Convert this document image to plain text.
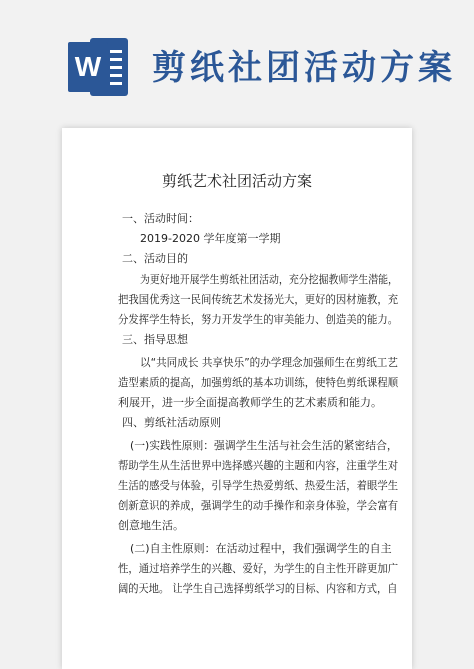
W 剪纸社团活动方案
剪纸艺术社团活动方案
一、活动时间：
2019-2020 学年度第一学期
二、活动目的
为更好地开展学生剪纸社团活动，充分挖掘教师学生潜能，
把我国优秀这一民间传统艺术发扬光大，更好的因材施教，充
分发挥学生特长，努力开发学生的审美能力、创造美的能力。
三、指导思想
以“共同成长 共享快乐”的办学理念加强师生在剪纸工艺
造型素质的提高，加强剪纸的基本功训练，使特色剪纸课程顺
利展开，进一步全面提高教师学生的艺术素质和能力。
四、剪纸社活动原则
(一)实践性原则：强调学生生活与社会生活的紧密结合，
帮助学生从生活世界中选择感兴趣的主题和内容，注重学生对
生活的感受与体验，引导学生热爱剪纸、热爱生活，着眼学生
创新意识的养成，强调学生的动手操作和亲身体验，学会富有
创意地生活。
(二)自主性原则：在活动过程中，我们强调学生的自主
性，通过培养学生的兴趣、爱好，为学生的自主性开辟更加广
阔的天地。 让学生自己选择剪纸学习的目标、内容和方式，自
